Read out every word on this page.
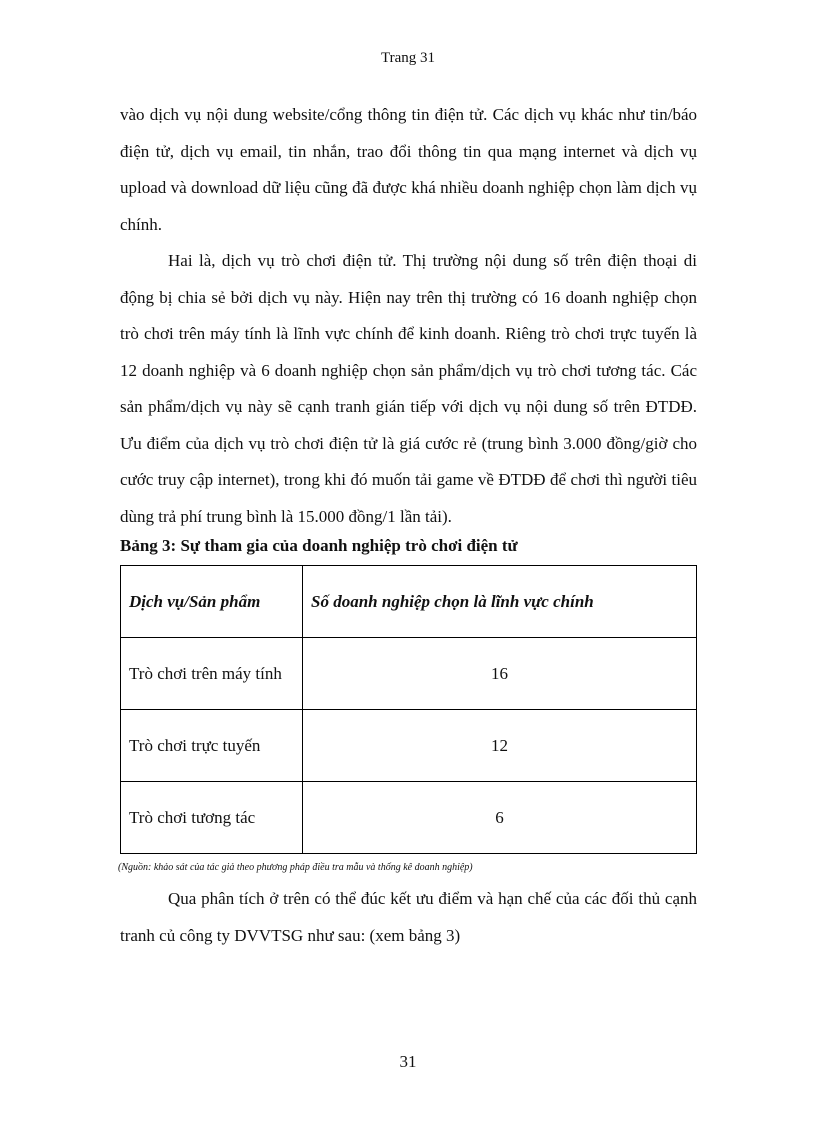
Trang 31

vào dịch vụ nội dung website/cổng thông tin điện tử. Các dịch vụ khác như tin/báo điện tử, dịch vụ email, tin nhắn, trao đổi thông tin qua mạng internet và dịch vụ upload và download dữ liệu cũng đã được khá nhiều doanh nghiệp chọn làm dịch vụ chính.

Hai là, dịch vụ trò chơi điện tử. Thị trường nội dung số trên điện thoại di động bị chia sẻ bởi dịch vụ này. Hiện nay trên thị trường có 16 doanh nghiệp chọn trò chơi trên máy tính là lĩnh vực chính để kinh doanh. Riêng trò chơi trực tuyến là 12 doanh nghiệp và 6 doanh nghiệp chọn sản phẩm/dịch vụ trò chơi tương tác. Các sản phẩm/dịch vụ này sẽ cạnh tranh gián tiếp với dịch vụ nội dung số trên ĐTDĐ. Ưu điểm của dịch vụ trò chơi điện tử là giá cước rẻ (trung bình 3.000 đồng/giờ cho cước truy cập internet), trong khi đó muốn tải game về ĐTDĐ để chơi thì người tiêu dùng trả phí trung bình là 15.000 đồng/1 lần tải).

Bảng 3: Sự tham gia của doanh nghiệp trò chơi điện tử
Dịch vụ/Sản phẩm	Số doanh nghiệp chọn là lĩnh vực chính
Trò chơi trên máy tính	16
Trò chơi trực tuyến	12
Trò chơi tương tác	6
(Nguồn: khảo sát của tác giả theo phương pháp điều tra mẫu và thống kê doanh nghiệp)

Qua phân tích ở trên có thể đúc kết ưu điểm và hạn chế của các đối thủ cạnh tranh củ công ty DVVTSG như sau: (xem bảng 3)

31
